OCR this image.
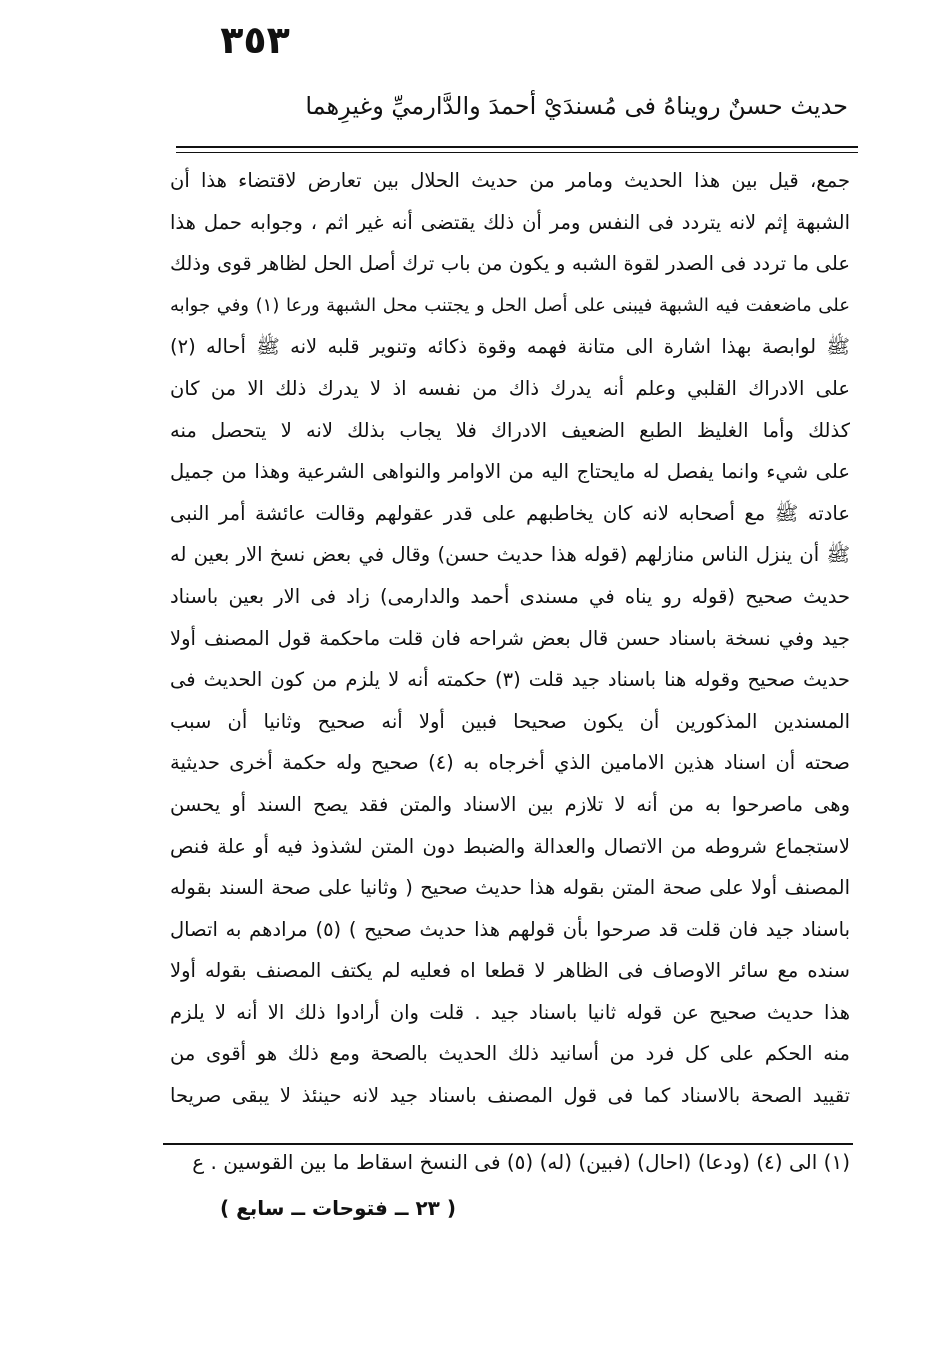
٣٥٣
حديث حسنٌ رويناهُ فى مُسندَيْ أحمدَ والدَّارميِّ وغيرِهما
جمع، قيل بين هذا الحديث ومامر من حديث الحلال بين تعارض لاقتضاء هذا أن
الشبهة إثم لانه يتردد فى النفس ومر أن ذلك يقتضى أنه غير اثم ، وجوابه حمل هذا
على ما تردد فى الصدر لقوة الشبه و يكون من باب ترك أصل الحل لظاهر قوى وذلك
على ماضعفت فيه الشبهة فيبنى على أصل الحل و يجتنب محل الشبهة ورعا (١) وفي جوابه
ﷺ لوابصة بهذا اشارة الى متانة فهمه وقوة ذكائه وتنوير قلبه لانه ﷺ أحاله (٢)
على الادراك القلبي وعلم أنه يدرك ذاك من نفسه اذ لا يدرك ذلك الا من كان
كذلك وأما الغليظ الطبع الضعيف الادراك فلا يجاب بذلك لانه لا يتحصل منه
على شيء وانما يفصل له مايحتاج اليه من الاوامر والنواهى الشرعية وهذا من جميل
عادته ﷺ مع أصحابه لانه كان يخاطبهم على قدر عقولهم وقالت عائشة أمر النبى
ﷺ أن ينزل الناس منازلهم (قوله هذا حديث حسن) وقال في بعض نسخ الار بعين له
حديث صحيح (قوله رو يناه في مسندى أحمد والدارمى) زاد فى الار بعين باسناد
جيد وفي نسخة باسناد حسن قال بعض شراحه فان قلت ماحكمة قول المصنف أولا
حديث صحيح وقوله هنا باسناد جيد قلت (٣) حكمته أنه لا يلزم من كون الحديث فى
المسندين المذكورين أن يكون صحيحا فبين أولا أنه صحيح وثانيا أن سبب
صحته أن اسناد هذين الامامين الذي أخرجاه به (٤) صحيح وله حكمة أخرى حديثية
وهى ماصرحوا به من أنه لا تلازم بين الاسناد والمتن فقد يصح السند أو يحسن
لاستجماع شروطه من الاتصال والعدالة والضبط دون المتن لشذوذ فيه أو علة فنص
المصنف أولا على صحة المتن بقوله هذا حديث صحيح ( وثانيا على صحة السند بقوله
باسناد جيد فان قلت قد صرحوا بأن قولهم هذا حديث صحيح ) (٥) مرادهم به اتصال
سنده مع سائر الاوصاف فى الظاهر لا قطعا اه فعليه لم يكتف المصنف بقوله أولا
هذا حديث صحيح عن قوله ثانيا باسناد جيد . قلت وان أرادوا ذلك الا أنه لا يلزم
منه الحكم على كل فرد من أسانيد ذلك الحديث بالصحة ومع ذلك هو أقوى من
تقييد الصحة بالاسناد كما فى قول المصنف باسناد جيد لانه حينئذ لا يبقى صريحا
(١) الى (٤) (ودعا) (احال) (فبين) (له) (٥) فى النسخ اسقاط ما بين القوسين . ع
( ٢٣ ــ فتوحات ــ سابع )
